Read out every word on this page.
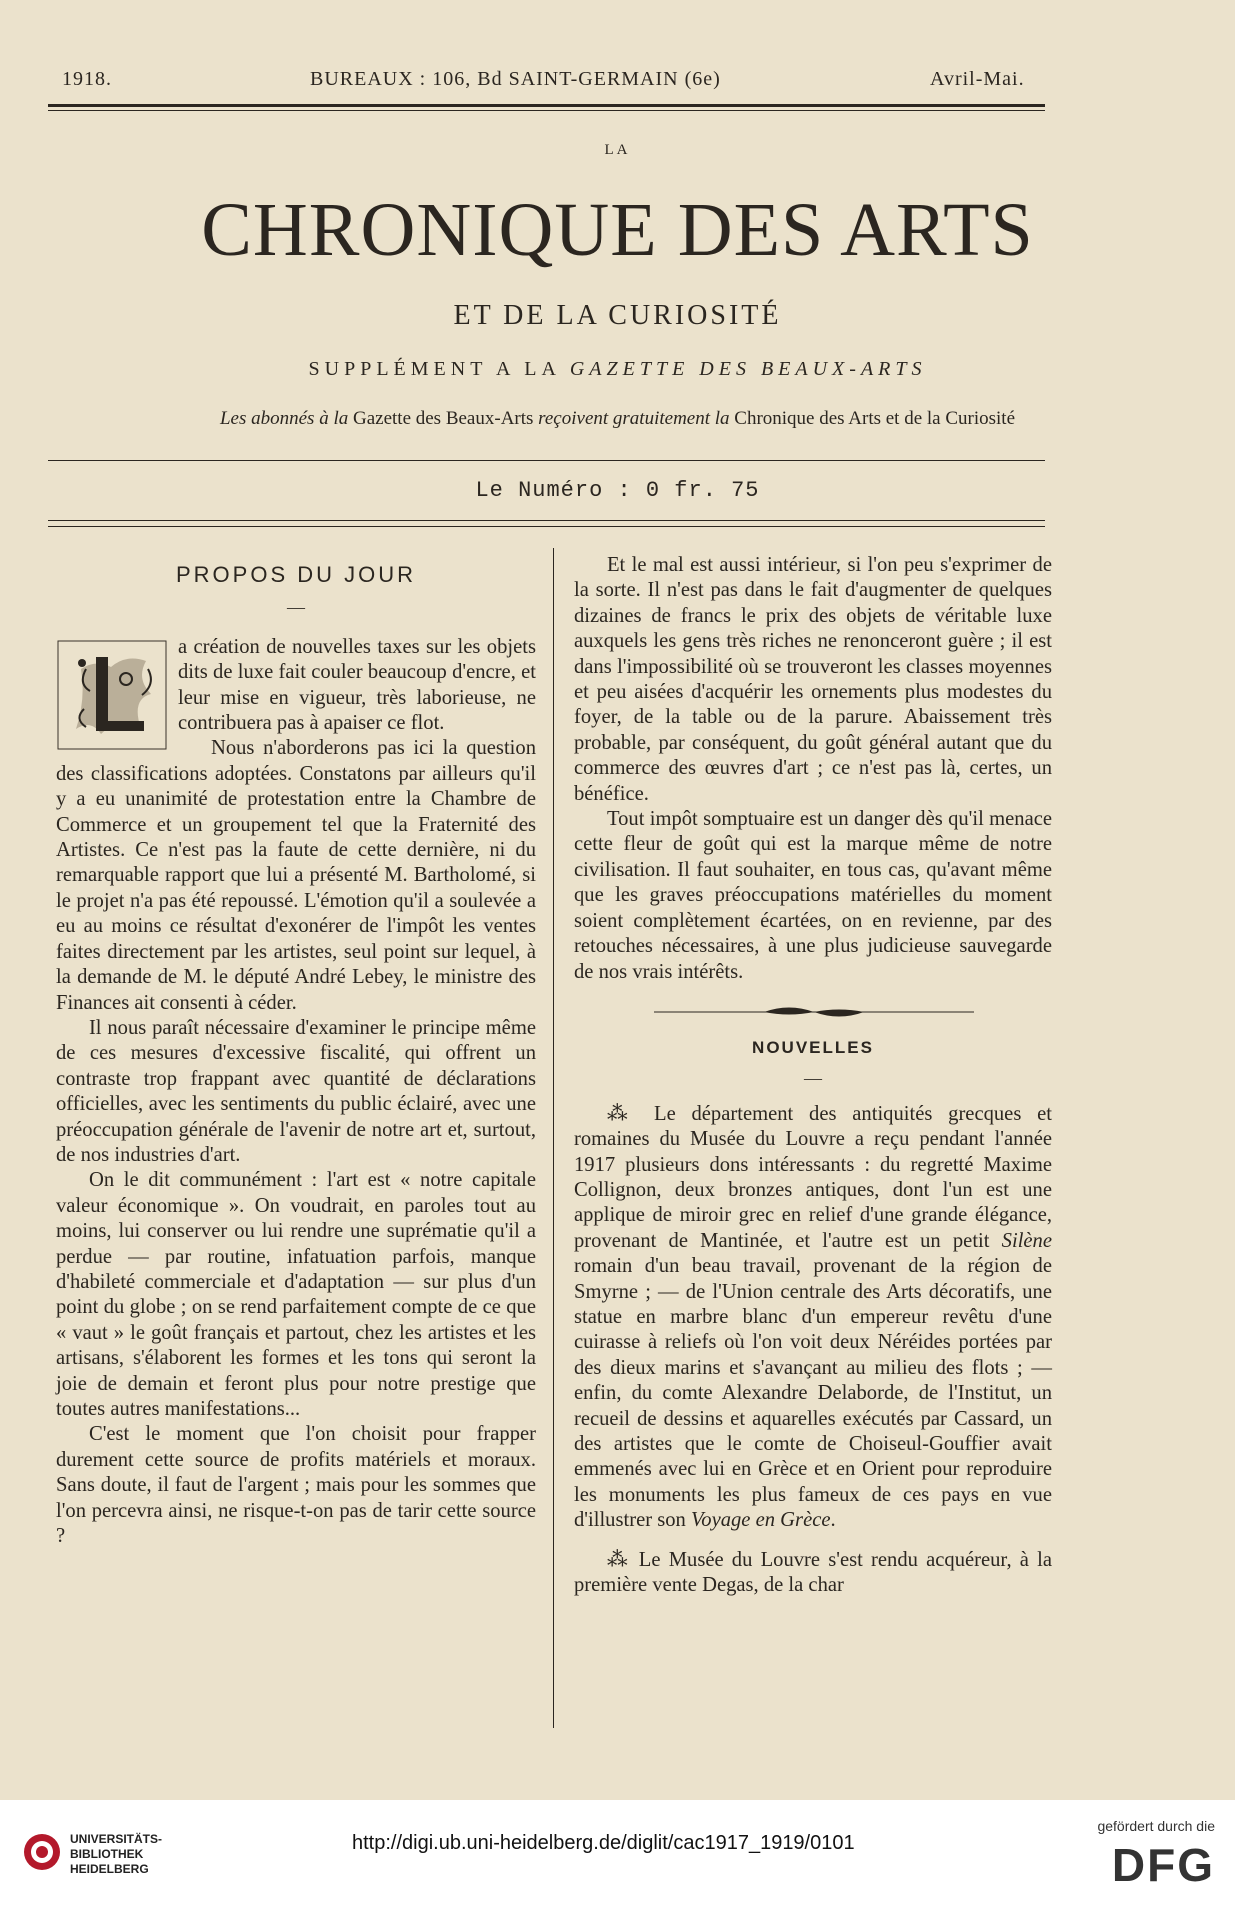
1918.	BUREAUX : 106, Bd SAINT-GERMAIN (6e)	Avril-Mai.
LA
CHRONIQUE DES ARTS
ET DE LA CURIOSITÉ
SUPPLÉMENT A LA GAZETTE DES BEAUX-ARTS
Les abonnés à la Gazette des Beaux-Arts reçoivent gratuitement la Chronique des Arts et de la Curiosité
Le Numéro : 0 fr. 75
PROPOS DU JOUR
—

a création de nouvelles taxes sur les objets dits de luxe fait couler beaucoup d'encre, et leur mise en vigueur, très laborieuse, ne contribuera pas à apaiser ce flot.

Nous n'aborderons pas ici la question des classifications adoptées. Constatons par ailleurs qu'il y a eu unanimité de protestation entre la Chambre de Commerce et un groupement tel que la Fraternité des Artistes. Ce n'est pas la faute de cette dernière, ni du remarquable rapport que lui a présenté M. Bartholomé, si le projet n'a pas été repoussé. L'émotion qu'il a soulevée a eu au moins ce résultat d'exonérer de l'impôt les ventes faites directement par les artistes, seul point sur lequel, à la demande de M. le député André Lebey, le ministre des Finances ait consenti à céder.

Il nous paraît nécessaire d'examiner le principe même de ces mesures d'excessive fiscalité, qui offrent un contraste trop frappant avec quantité de déclarations officielles, avec les sentiments du public éclairé, avec une préoccupation générale de l'avenir de notre art et, surtout, de nos industries d'art.

On le dit communément : l'art est « notre capitale valeur économique ». On voudrait, en paroles tout au moins, lui conserver ou lui rendre une suprématie qu'il a perdue — par routine, infatuation parfois, manque d'habileté commerciale et d'adaptation — sur plus d'un point du globe ; on se rend parfaitement compte de ce que « vaut » le goût français et partout, chez les artistes et les artisans, s'élaborent les formes et les tons qui seront la joie de demain et feront plus pour notre prestige que toutes autres manifestations...

C'est le moment que l'on choisit pour frapper durement cette source de profits matériels et moraux. Sans doute, il faut de l'argent ; mais pour les sommes que l'on percevra ainsi, ne risque-t-on pas de tarir cette source ?

Et le mal est aussi intérieur, si l'on peu s'exprimer de la sorte. Il n'est pas dans le fait d'augmenter de quelques dizaines de francs le prix des objets de véritable luxe auxquels les gens très riches ne renonceront guère ; il est dans l'impossibilité où se trouveront les classes moyennes et peu aisées d'acquérir les ornements plus modestes du foyer, de la table ou de la parure. Abaissement très probable, par conséquent, du goût général autant que du commerce des œuvres d'art ; ce n'est pas là, certes, un bénéfice.

Tout impôt somptuaire est un danger dès qu'il menace cette fleur de goût qui est la marque même de notre civilisation. Il faut souhaiter, en tous cas, qu'avant même que les graves préoccupations matérielles du moment soient complètement écartées, on en revienne, par des retouches nécessaires, à une plus judicieuse sauvegarde de nos vrais intérêts.

NOUVELLES
—

⁂ Le département des antiquités grecques et romaines du Musée du Louvre a reçu pendant l'année 1917 plusieurs dons intéressants : du regretté Maxime Collignon, deux bronzes antiques, dont l'un est une applique de miroir grec en relief d'une grande élégance, provenant de Mantinée, et l'autre est un petit Silène romain d'un beau travail, provenant de la région de Smyrne ; — de l'Union centrale des Arts décoratifs, une statue en marbre blanc d'un empereur revêtu d'une cuirasse à reliefs où l'on voit deux Néréides portées par des dieux marins et s'avançant au milieu des flots ; — enfin, du comte Alexandre Delaborde, de l'Institut, un recueil de dessins et aquarelles exécutés par Cassard, un des artistes que le comte de Choiseul-Gouffier avait emmenés avec lui en Grèce et en Orient pour reproduire les monuments les plus fameux de ces pays en vue d'illustrer son Voyage en Grèce.

⁂ Le Musée du Louvre s'est rendu acquéreur, à la première vente Degas, de la char

UNIVERSITÄTS-
BIBLIOTHEK
HEIDELBERG
http://digi.ub.uni-heidelberg.de/diglit/cac1917_1919/0101
gefördert durch die
DFG
